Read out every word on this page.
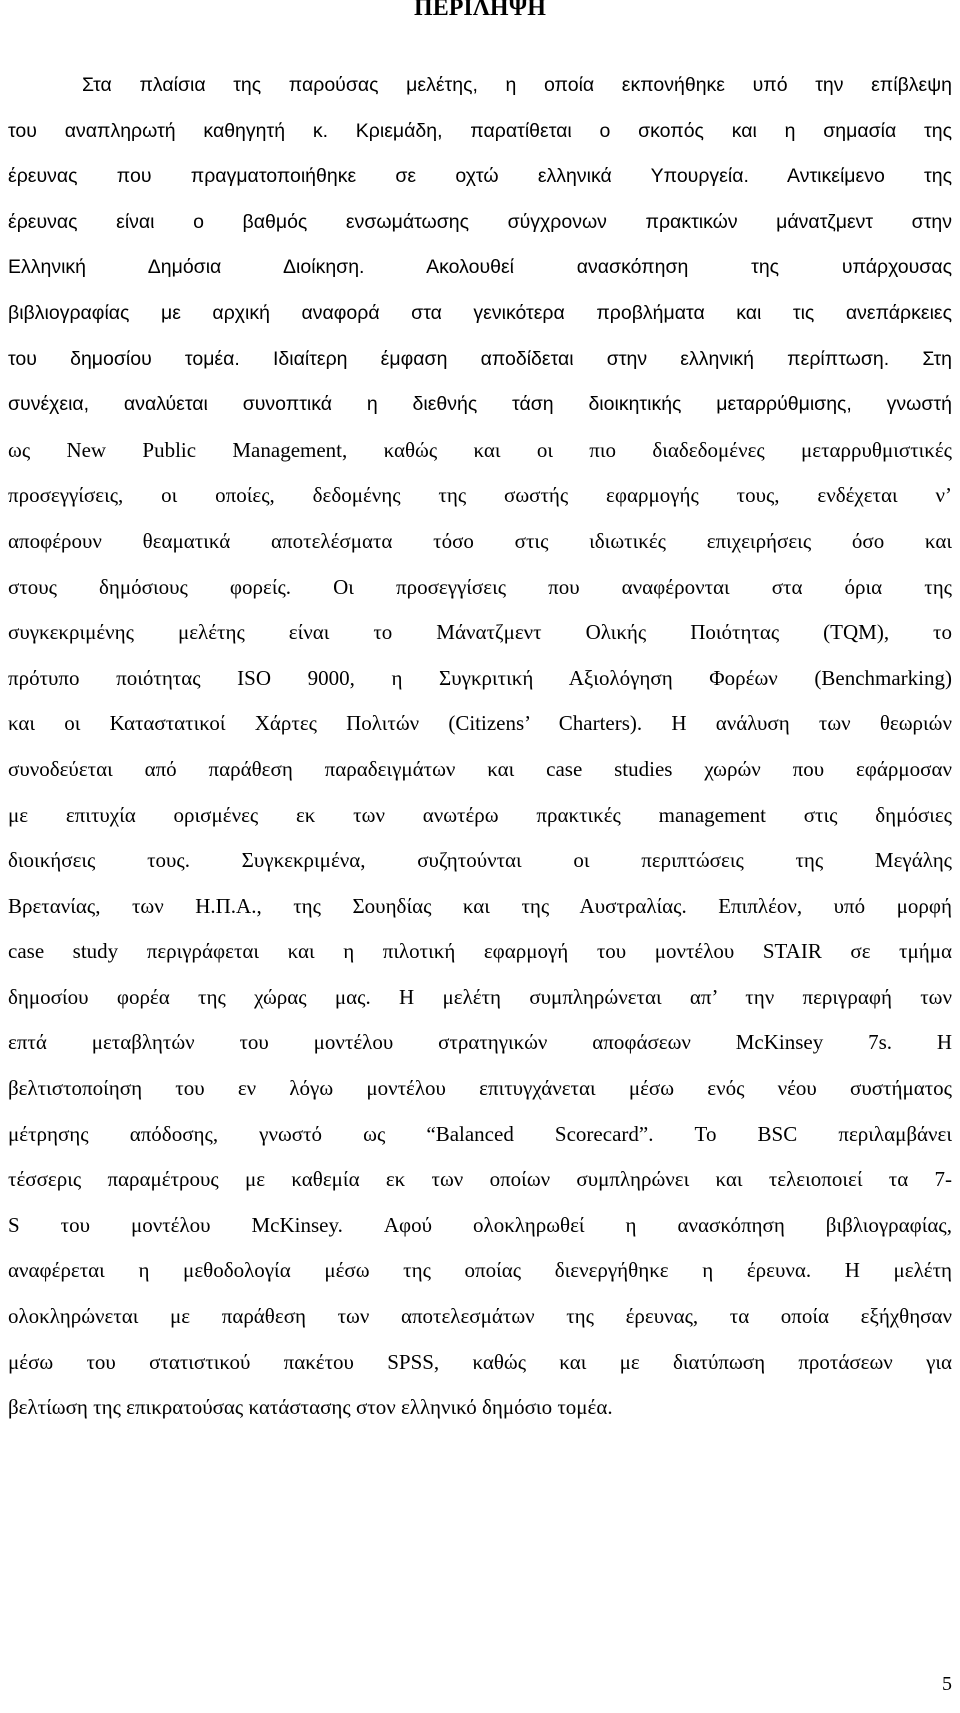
ΠΕΡΙΛΗΨΗ
Στα πλαίσια της παρούσας μελέτης, η οποία εκπονήθηκε υπό την επίβλεψη
του αναπληρωτή καθηγητή κ. Κριεμάδη, παρατίθεται ο σκοπός και η σημασία της
έρευνας που πραγματοποιήθηκε σε οχτώ ελληνικά Υπουργεία. Αντικείμενο της
έρευνας είναι ο βαθμός ενσωμάτωσης σύγχρονων πρακτικών μάνατζμεντ στην
Ελληνική Δημόσια Διοίκηση. Ακολουθεί ανασκόπηση της υπάρχουσας
βιβλιογραφίας με αρχική αναφορά στα γενικότερα προβλήματα και τις ανεπάρκειες
του δημοσίου τομέα. Ιδιαίτερη έμφαση αποδίδεται στην ελληνική περίπτωση. Στη
συνέχεια, αναλύεται συνοπτικά η διεθνής τάση διοικητικής μεταρρύθμισης, γνωστή
ως New Public Management, καθώς και οι πιο διαδεδομένες μεταρρυθμιστικές
προσεγγίσεις, οι οποίες, δεδομένης της σωστής εφαρμογής τους, ενδέχεται ν’
αποφέρουν θεαματικά αποτελέσματα τόσο στις ιδιωτικές επιχειρήσεις όσο και
στους δημόσιους φορείς. Οι προσεγγίσεις που αναφέρονται στα όρια της
συγκεκριμένης μελέτης είναι το Μάνατζμεντ Ολικής Ποιότητας (TQM), το
πρότυπο ποιότητας ISO 9000, η Συγκριτική Αξιολόγηση Φορέων (Benchmarking)
και οι Καταστατικοί Χάρτες Πολιτών (Citizens’ Charters). Η ανάλυση των θεωριών
συνοδεύεται από παράθεση παραδειγμάτων και case studies χωρών που εφάρμοσαν
με επιτυχία ορισμένες εκ των ανωτέρω πρακτικές management στις δημόσιες
διοικήσεις τους. Συγκεκριμένα, συζητούνται οι περιπτώσεις της Μεγάλης
Βρετανίας, των Η.Π.Α., της Σουηδίας και της Αυστραλίας. Επιπλέον, υπό μορφή
case study περιγράφεται και η πιλοτική εφαρμογή του μοντέλου STAIR σε τμήμα
δημοσίου φορέα της χώρας μας. Η μελέτη συμπληρώνεται απ’ την περιγραφή των
επτά μεταβλητών του μοντέλου στρατηγικών αποφάσεων McKinsey 7s. Η
βελτιστοποίηση του εν λόγω μοντέλου επιτυγχάνεται μέσω ενός νέου συστήματος
μέτρησης απόδοσης, γνωστό ως “Balanced Scorecard”. Το BSC περιλαμβάνει
τέσσερις παραμέτρους με καθεμία εκ των οποίων συμπληρώνει και τελειοποιεί τα 7-
S του μοντέλου McKinsey. Αφού ολοκληρωθεί η ανασκόπηση βιβλιογραφίας,
αναφέρεται η μεθοδολογία μέσω της οποίας διενεργήθηκε η έρευνα. Η μελέτη
ολοκληρώνεται με παράθεση των αποτελεσμάτων της έρευνας, τα οποία εξήχθησαν
μέσω του στατιστικού πακέτου SPSS, καθώς και με διατύπωση προτάσεων για
βελτίωση της επικρατούσας κατάστασης στον ελληνικό δημόσιο τομέα.
5
